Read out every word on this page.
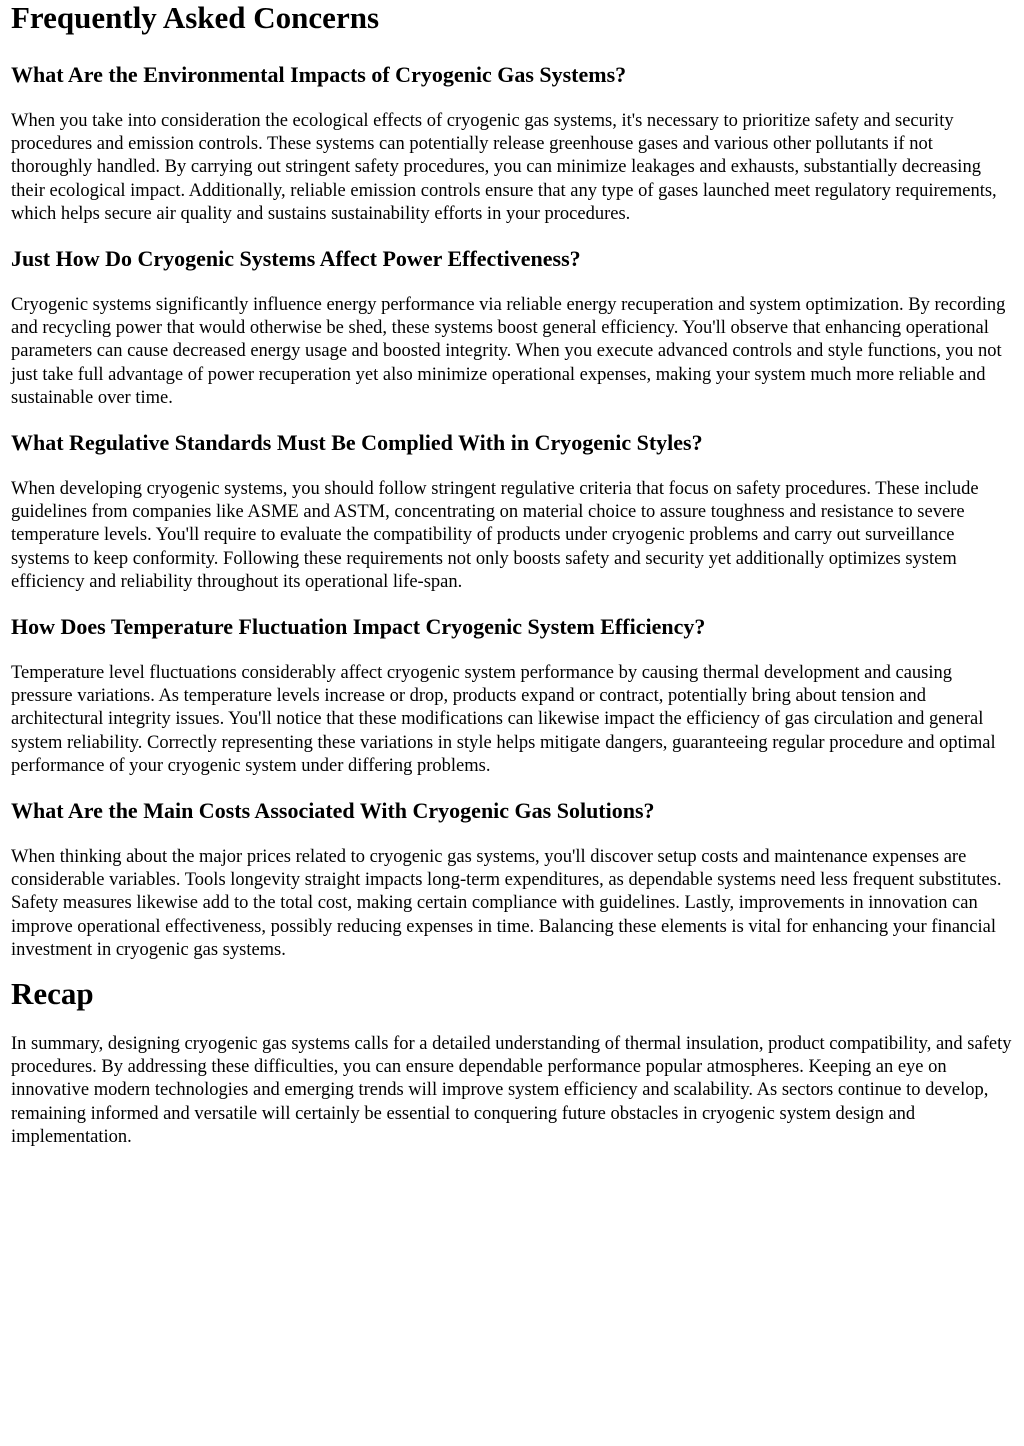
Frequently Asked Concerns
What Are the Environmental Impacts of Cryogenic Gas Systems?

When you take into consideration the ecological effects of cryogenic gas systems, it's necessary to prioritize safety and security procedures and emission controls. These systems can potentially release greenhouse gases and various other pollutants if not thoroughly handled. By carrying out stringent safety procedures, you can minimize leakages and exhausts, substantially decreasing their ecological impact. Additionally, reliable emission controls ensure that any type of gases launched meet regulatory requirements, which helps secure air quality and sustains sustainability efforts in your procedures.

Just How Do Cryogenic Systems Affect Power Effectiveness?

Cryogenic systems significantly influence energy performance via reliable energy recuperation and system optimization. By recording and recycling power that would otherwise be shed, these systems boost general efficiency. You'll observe that enhancing operational parameters can cause decreased energy usage and boosted integrity. When you execute advanced controls and style functions, you not just take full advantage of power recuperation yet also minimize operational expenses, making your system much more reliable and sustainable over time.

What Regulative Standards Must Be Complied With in Cryogenic Styles?

When developing cryogenic systems, you should follow stringent regulative criteria that focus on safety procedures. These include guidelines from companies like ASME and ASTM, concentrating on material choice to assure toughness and resistance to severe temperature levels. You'll require to evaluate the compatibility of products under cryogenic problems and carry out surveillance systems to keep conformity. Following these requirements not only boosts safety and security yet additionally optimizes system efficiency and reliability throughout its operational life-span.

How Does Temperature Fluctuation Impact Cryogenic System Efficiency?

Temperature level fluctuations considerably affect cryogenic system performance by causing thermal development and causing pressure variations. As temperature levels increase or drop, products expand or contract, potentially bring about tension and architectural integrity issues. You'll notice that these modifications can likewise impact the efficiency of gas circulation and general system reliability. Correctly representing these variations in style helps mitigate dangers, guaranteeing regular procedure and optimal performance of your cryogenic system under differing problems.

What Are the Main Costs Associated With Cryogenic Gas Solutions?

When thinking about the major prices related to cryogenic gas systems, you'll discover setup costs and maintenance expenses are considerable variables. Tools longevity straight impacts long-term expenditures, as dependable systems need less frequent substitutes. Safety measures likewise add to the total cost, making certain compliance with guidelines. Lastly, improvements in innovation can improve operational effectiveness, possibly reducing expenses in time. Balancing these elements is vital for enhancing your financial investment in cryogenic gas systems.

Recap

In summary, designing cryogenic gas systems calls for a detailed understanding of thermal insulation, product compatibility, and safety procedures. By addressing these difficulties, you can ensure dependable performance popular atmospheres. Keeping an eye on innovative modern technologies and emerging trends will improve system efficiency and scalability. As sectors continue to develop, remaining informed and versatile will certainly be essential to conquering future obstacles in cryogenic system design and implementation.
